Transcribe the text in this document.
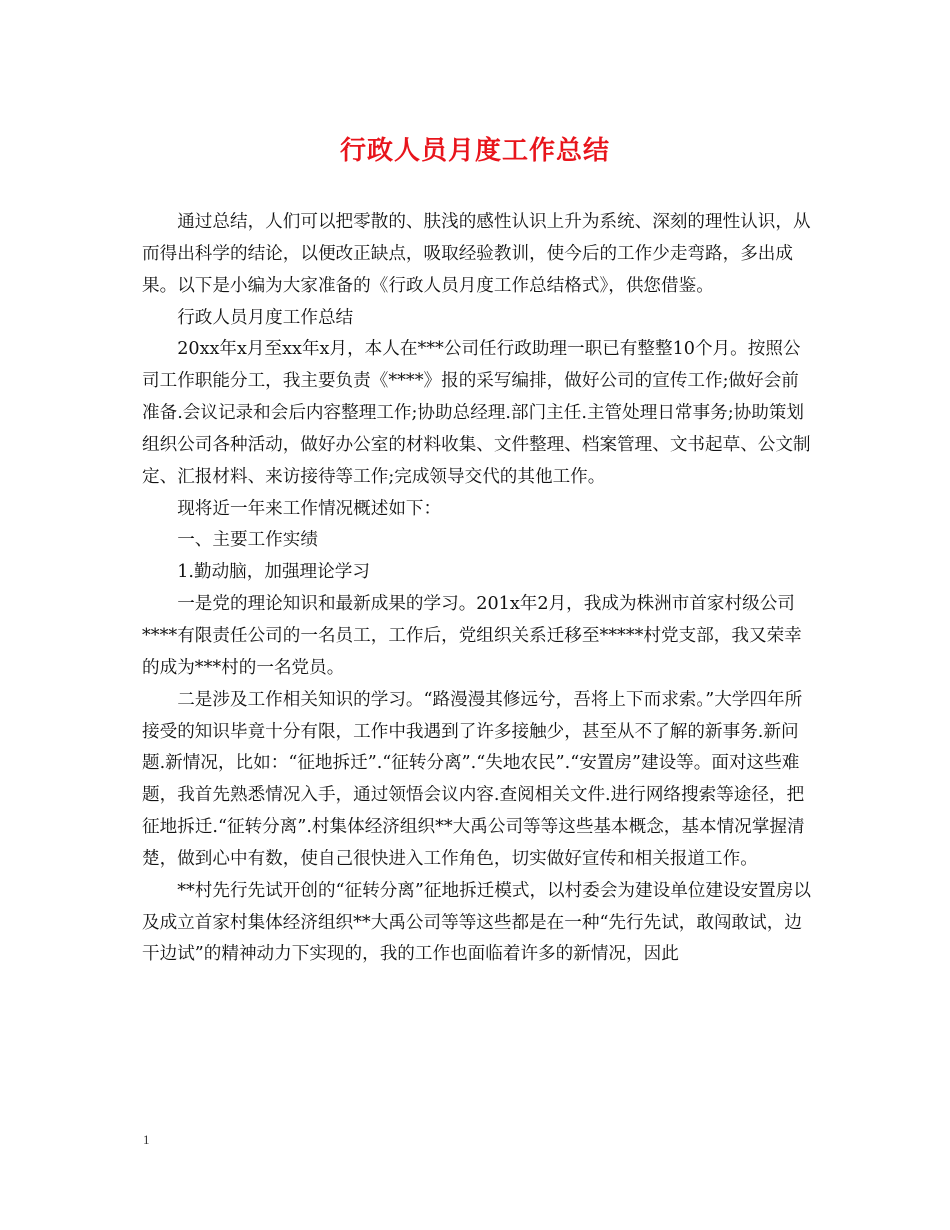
行政人员月度工作总结

通过总结，人们可以把零散的、肤浅的感性认识上升为系统、深刻的理性认识，从而得出科学的结论，以便改正缺点，吸取经验教训，使今后的工作少走弯路，多出成果。以下是小编为大家准备的《行政人员月度工作总结格式》，供您借鉴。

行政人员月度工作总结

20xx年x月至xx年x月，本人在***公司任行政助理一职已有整整10个月。按照公司工作职能分工，我主要负责《****》报的采写编排，做好公司的宣传工作;做好会前准备.会议记录和会后内容整理工作;协助总经理.部门主任.主管处理日常事务;协助策划组织公司各种活动，做好办公室的材料收集、文件整理、档案管理、文书起草、公文制定、汇报材料、来访接待等工作;完成领导交代的其他工作。

现将近一年来工作情况概述如下：

一、主要工作实绩

1.勤动脑，加强理论学习

一是党的理论知识和最新成果的学习。201x年2月，我成为株洲市首家村级公司****有限责任公司的一名员工，工作后，党组织关系迁移至*****村党支部，我又荣幸的成为***村的一名党员。

二是涉及工作相关知识的学习。“路漫漫其修远兮，吾将上下而求索。”大学四年所接受的知识毕竟十分有限，工作中我遇到了许多接触少，甚至从不了解的新事务.新问题.新情况，比如：“征地拆迁”.“征转分离”.“失地农民”.“安置房”建设等。面对这些难题，我首先熟悉情况入手，通过领悟会议内容.查阅相关文件.进行网络搜索等途径，把征地拆迁.“征转分离”.村集体经济组织**大禹公司等等这些基本概念，基本情况掌握清楚，做到心中有数，使自己很快进入工作角色，切实做好宣传和相关报道工作。

**村先行先试开创的“征转分离”征地拆迁模式，以村委会为建设单位建设安置房以及成立首家村集体经济组织**大禹公司等等这些都是在一种“先行先试，敢闯敢试，边干边试”的精神动力下实现的，我的工作也面临着许多的新情况，因此

1
